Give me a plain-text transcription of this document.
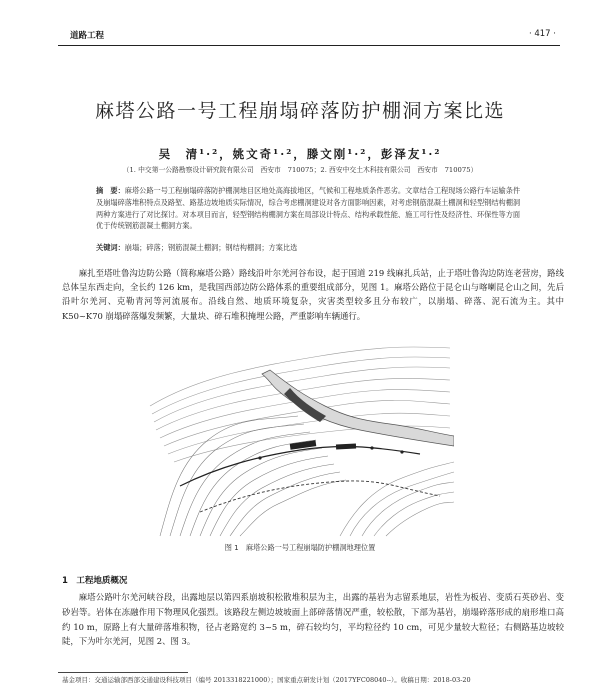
道路工程	· 417 ·
麻塔公路一号工程崩塌碎落防护棚洞方案比选
吴　清¹·²，姚文奇¹·²，滕文刚¹·²，彭泽友¹·²
（1. 中交第一公路勘察设计研究院有限公司　西安市　710075；2. 西安中交土木科技有限公司　西安市　710075）
摘　要：麻塔公路一号工程崩塌碎落防护棚洞地目区地处高海拔地区，气候和工程地质条件恶劣。文章结合工程现场公路行车运输条件及崩塌碎落堆积特点及路堑、路基边坡地质实际情况，综合考虑棚洞建设对各方面影响因素，对考虑钢筋混凝土棚洞和轻型钢结构棚洞两种方案进行了对比探讨。对本项目而言，轻型钢结构棚洞方案在局部设计特点、结构承载性能、施工可行性及经济性、环保性等方面优于传统钢筋混凝土棚洞方案。
关键词：崩塌；碎落；钢筋混凝土棚洞；钢结构棚洞；方案比选
麻扎至塔吐鲁沟边防公路（简称麻塔公路）路线沿叶尔羌河谷布设，起于国道 219 线麻扎兵站，止于塔吐鲁沟边防连老营房，路线总体呈东西走向，全长约 126 km，是我国西部边防公路体系的重要组成部分，见图 1。麻塔公路位于昆仑山与喀喇昆仑山之间，先后沿叶尔羌河、克勒青河等河流展布。沿线自然、地质环境复杂，灾害类型较多且分布较广，以崩塌、碎落、泥石流为主。其中 K50~K70 崩塌碎落爆发频繁，大量块、碎石堆积掩埋公路，严重影响车辆通行。
图 1　麻塔公路一号工程崩塌防护棚洞地理位置
1　工程地质概况
麻塔公路叶尔羌河峡谷段，出露地层以第四系崩坡积松散堆积层为主，出露的基岩为志留系地层，岩性为板岩、变质石英砂岩、变砂岩等。岩体在冻融作用下物理风化强烈。该路段左侧边坡坡面上部碎落情况严重，较松散，下部为基岩，崩塌碎落形成的扇形堆口高约 10 m，原路上有大量碎落堆积物，径占老路宽约 3~5 m，碎石较均匀，平均粒径约 10 cm，可见少量较大粒径；右侧路基边坡较陡，下为叶尔羌河，见图 2、图 3。
基金项目：交通运输部西部交通建设科技项目（编号 2013318221000）；国家重点研发计划（2017YFC08040--）。收稿日期：2018-03-20
